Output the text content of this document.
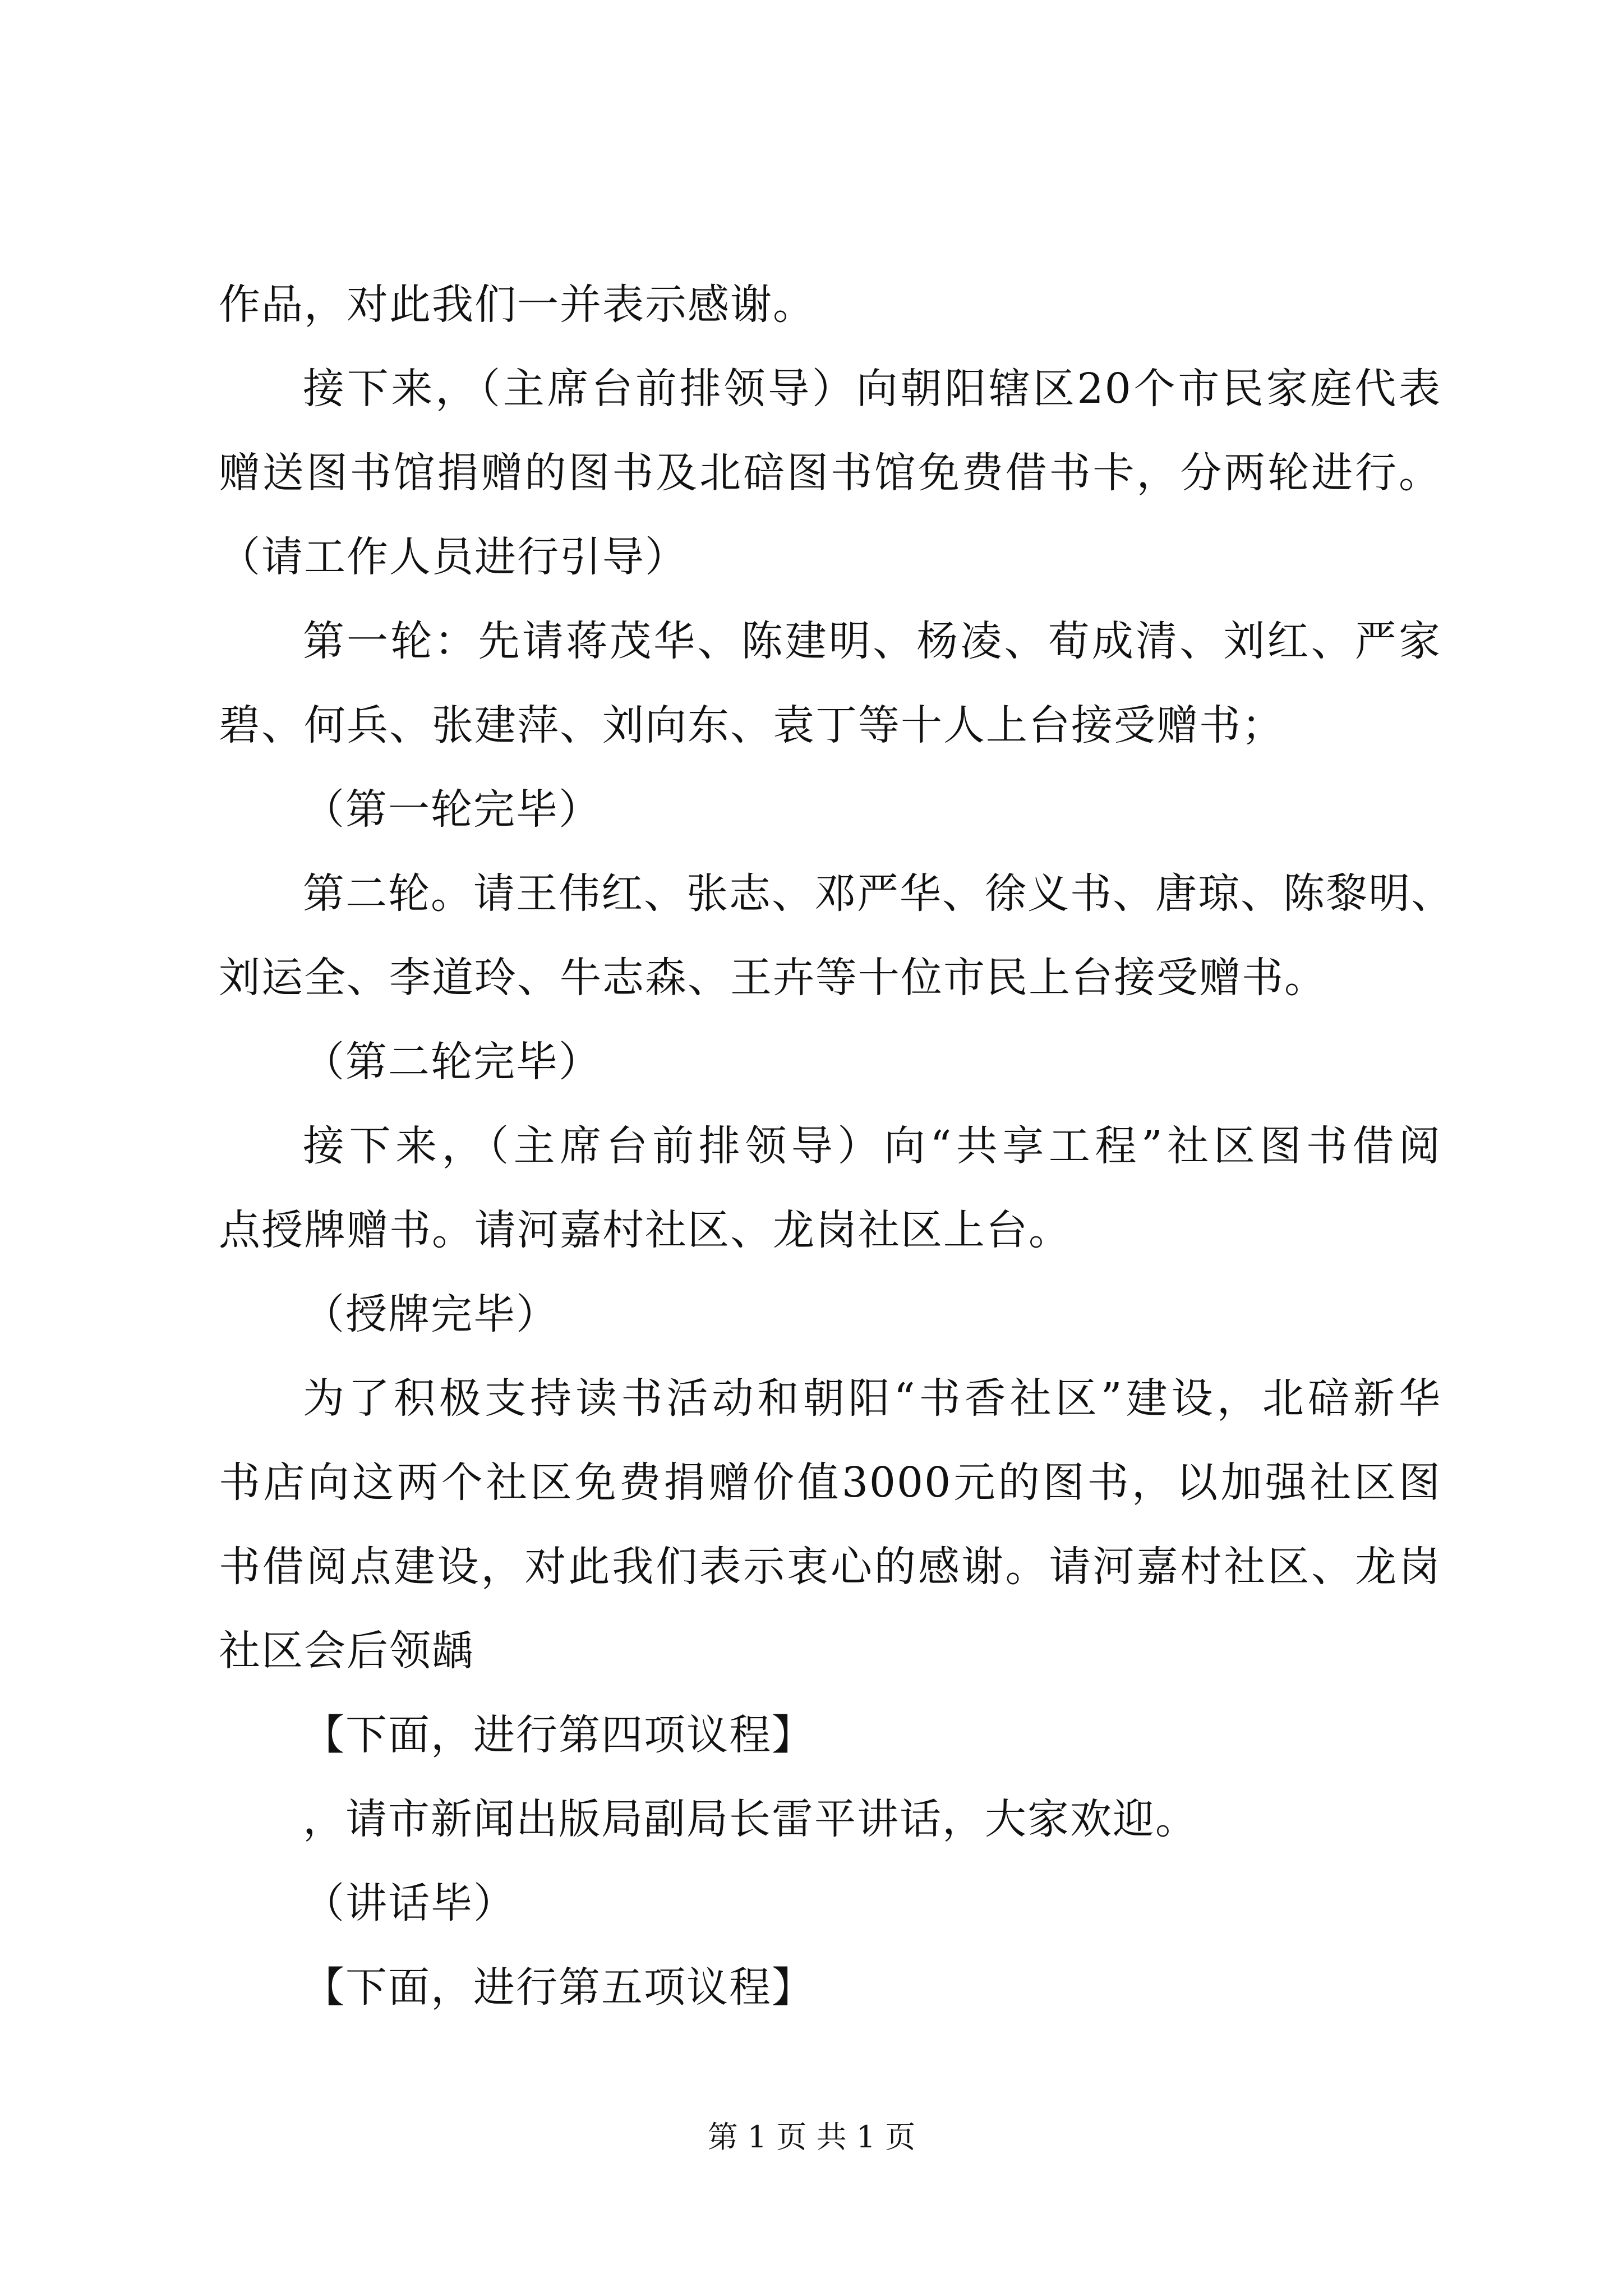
作品，对此我们一并表示感谢。
接下来，（主席台前排领导）向朝阳辖区20个市民家庭代表
赠送图书馆捐赠的图书及北碚图书馆免费借书卡，分两轮进行。
（请工作人员进行引导）
第一轮：先请蒋茂华、陈建明、杨凌、荀成清、刘红、严家
碧、何兵、张建萍、刘向东、袁丁等十人上台接受赠书；
（第一轮完毕）
第二轮。请王伟红、张志、邓严华、徐义书、唐琼、陈黎明、
刘运全、李道玲、牛志森、王卉等十位市民上台接受赠书。
（第二轮完毕）
接下来，（主席台前排领导）向“共享工程”社区图书借阅
点授牌赠书。请河嘉村社区、龙岗社区上台。
（授牌完毕）
为了积极支持读书活动和朝阳“书香社区”建设，北碚新华
书店向这两个社区免费捐赠价值3000元的图书，以加强社区图
书借阅点建设，对此我们表示衷心的感谢。请河嘉村社区、龙岗
社区会后领龋
【下面，进行第四项议程】
，请市新闻出版局副局长雷平讲话，大家欢迎。
（讲话毕）
【下面，进行第五项议程】
第 1 页 共 1 页
